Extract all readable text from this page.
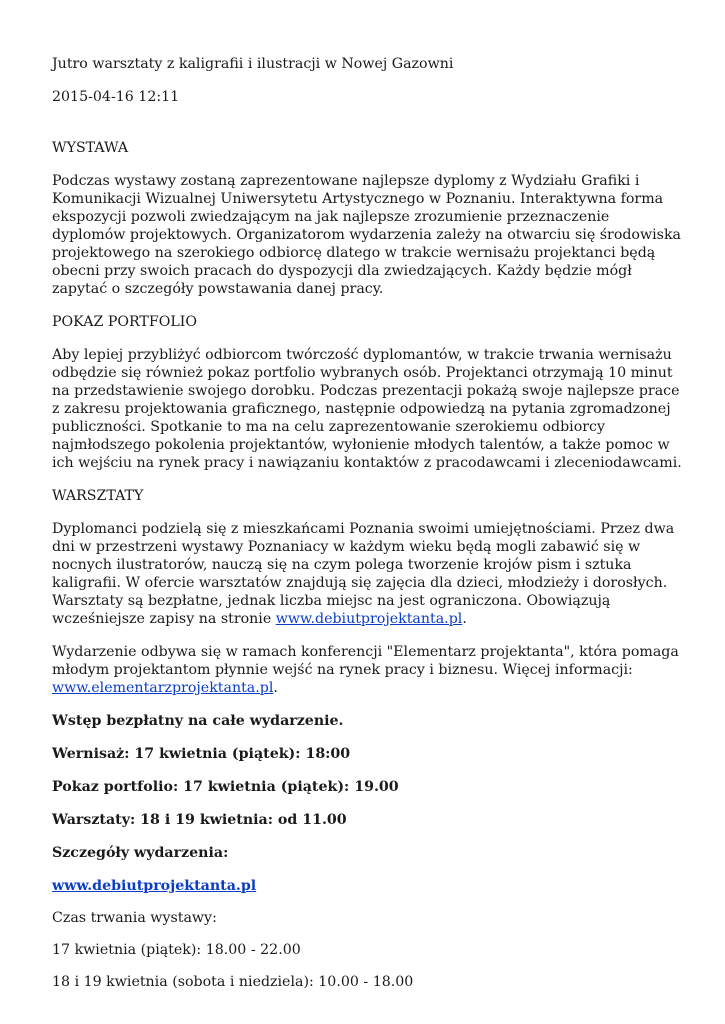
Jutro warsztaty z kaligrafii i ilustracji w Nowej Gazowni

2015-04-16 12:11

WYSTAWA

Podczas wystawy zostaną zaprezentowane najlepsze dyplomy z Wydziału Grafiki i Komunikacji Wizualnej Uniwersytetu Artystycznego w Poznaniu. Interaktywna forma ekspozycji pozwoli zwiedzającym na jak najlepsze zrozumienie przeznaczenie dyplomów projektowych. Organizatorom wydarzenia zależy na otwarciu się środowiska projektowego na szerokiego odbiorcę dlatego w trakcie wernisażu projektanci będą obecni przy swoich pracach do dyspozycji dla zwiedzających. Każdy będzie mógł zapytać o szczegóły powstawania danej pracy.

POKAZ PORTFOLIO

Aby lepiej przybliżyć odbiorcom twórczość dyplomantów, w trakcie trwania wernisażu odbędzie się również pokaz portfolio wybranych osób. Projektanci otrzymają 10 minut na przedstawienie swojego dorobku. Podczas prezentacji pokażą swoje najlepsze prace z zakresu projektowania graficznego, następnie odpowiedzą na pytania zgromadzonej publiczności. Spotkanie to ma na celu zaprezentowanie szerokiemu odbiorcy najmłodszego pokolenia projektantów, wyłonienie młodych talentów, a także pomoc w ich wejściu na rynek pracy i nawiązaniu kontaktów z pracodawcami i zleceniodawcami.

WARSZTATY

Dyplomanci podzielą się z mieszkańcami Poznania swoimi umiejętnościami. Przez dwa dni w przestrzeni wystawy Poznaniacy w każdym wieku będą mogli zabawić się w nocnych ilustratorów, nauczą się na czym polega tworzenie krojów pism i sztuka kaligrafii. W ofercie warsztatów znajdują się zajęcia dla dzieci, młodzieży i dorosłych. Warsztaty są bezpłatne, jednak liczba miejsc na jest ograniczona. Obowiązują wcześniejsze zapisy na stronie www.debiutprojektanta.pl.

Wydarzenie odbywa się w ramach konferencji "Elementarz projektanta", która pomaga młodym projektantom płynnie wejść na rynek pracy i biznesu. Więcej informacji: www.elementarzprojektanta.pl.

Wstęp bezpłatny na całe wydarzenie.

Wernisaż: 17 kwietnia (piątek): 18:00

Pokaz portfolio: 17 kwietnia (piątek): 19.00

Warsztaty: 18 i 19 kwietnia: od 11.00

Szczegóły wydarzenia:

www.debiutprojektanta.pl

Czas trwania wystawy:

17 kwietnia (piątek): 18.00 - 22.00

18 i 19 kwietnia (sobota i niedziela): 10.00 - 18.00
